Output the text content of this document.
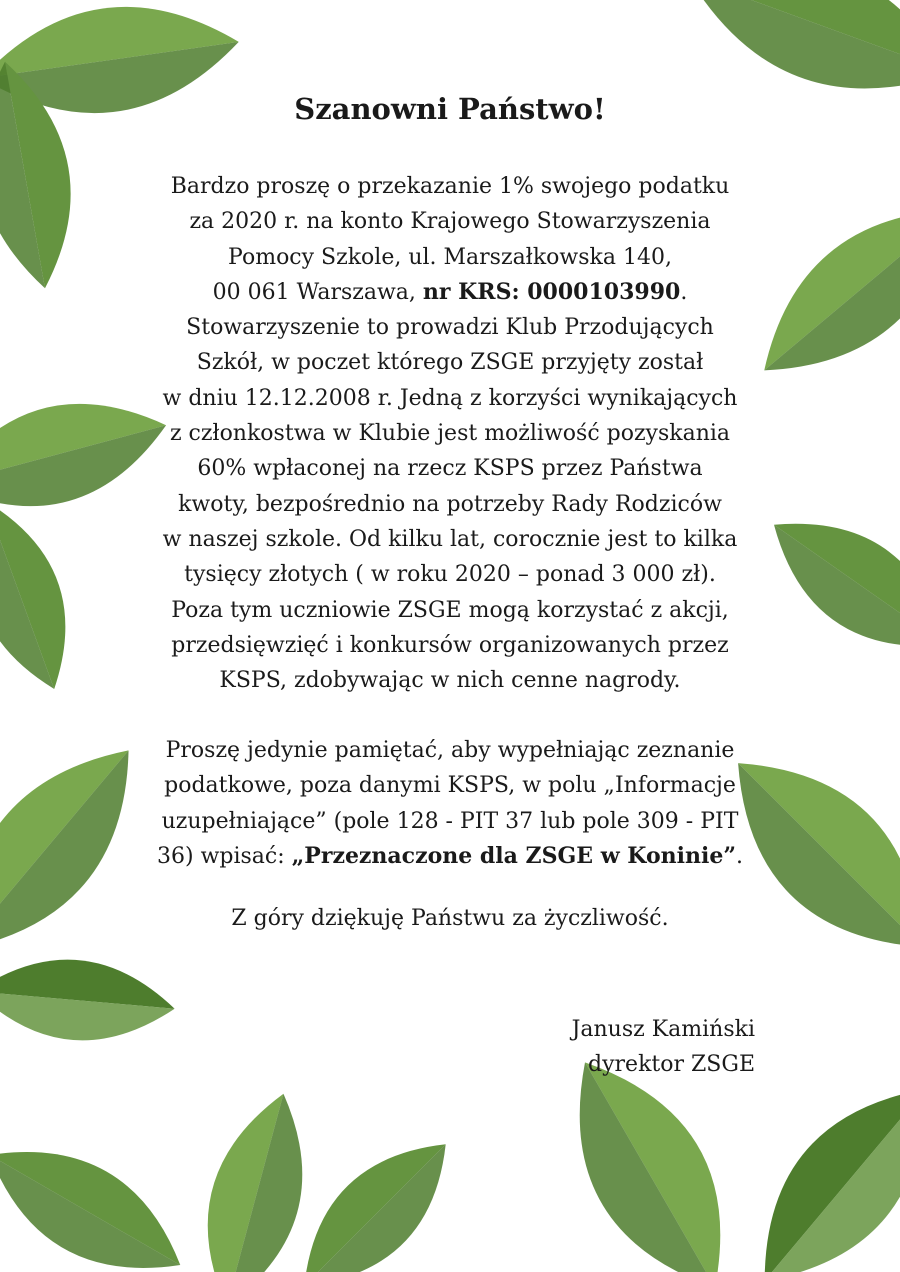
Szanowni Państwo!

Bardzo proszę o przekazanie 1% swojego podatku
za 2020 r. na konto Krajowego Stowarzyszenia
Pomocy Szkole, ul. Marszałkowska 140,
00 061 Warszawa, nr KRS: 0000103990.
Stowarzyszenie to prowadzi Klub Przodujących
Szkół, w poczet którego ZSGE przyjęty został
w dniu 12.12.2008 r. Jedną z korzyści wynikających
z członkostwa w Klubie jest możliwość pozyskania
60% wpłaconej na rzecz KSPS przez Państwa
kwoty, bezpośrednio na potrzeby Rady Rodziców
w naszej szkole. Od kilku lat, corocznie jest to kilka
tysięcy złotych ( w roku 2020 – ponad 3 000 zł).
Poza tym uczniowie ZSGE mogą korzystać z akcji,
przedsięwzięć i konkursów organizowanych przez
KSPS, zdobywając w nich cenne nagrody.

Proszę jedynie pamiętać, aby wypełniając zeznanie
podatkowe, poza danymi KSPS, w polu „Informacje
uzupełniające” (pole 128 - PIT 37 lub pole 309 - PIT
36) wpisać: „Przeznaczone dla ZSGE w Koninie”.

Z góry dziękuję Państwu za życzliwość.

Janusz Kamiński
dyrektor ZSGE
